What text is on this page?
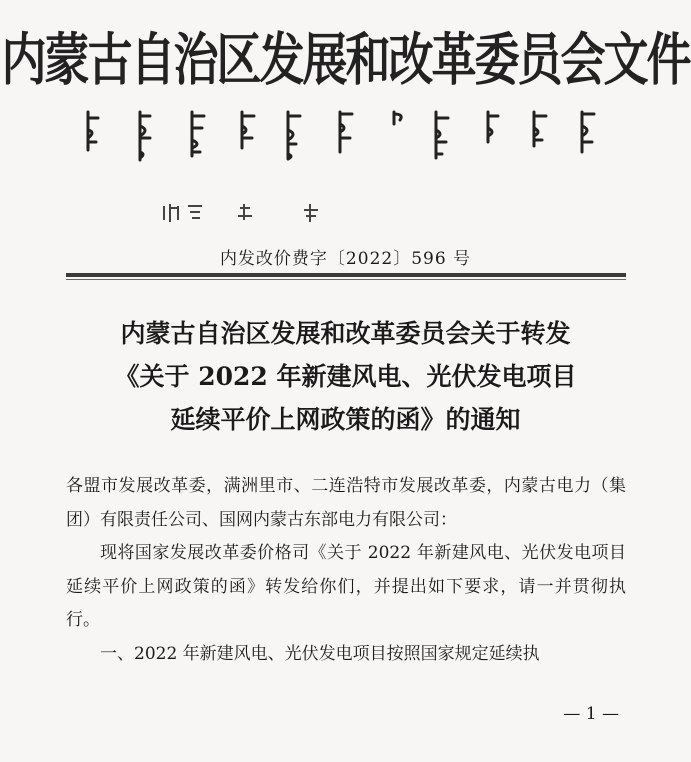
内蒙古自治区发展和改革委员会文件
内发改价费字〔2022〕596 号
内蒙古自治区发展和改革委员会关于转发
《关于 2022 年新建风电、光伏发电项目
延续平价上网政策的函》的通知

各盟市发展改革委，满洲里市、二连浩特市发展改革委，内蒙古电力（集团）有限责任公司、国网内蒙古东部电力有限公司：

现将国家发展改革委价格司《关于 2022 年新建风电、光伏发电项目延续平价上网政策的函》转发给你们，并提出如下要求，请一并贯彻执行。

一、2022 年新建风电、光伏发电项目按照国家规定延续执

— 1 —
